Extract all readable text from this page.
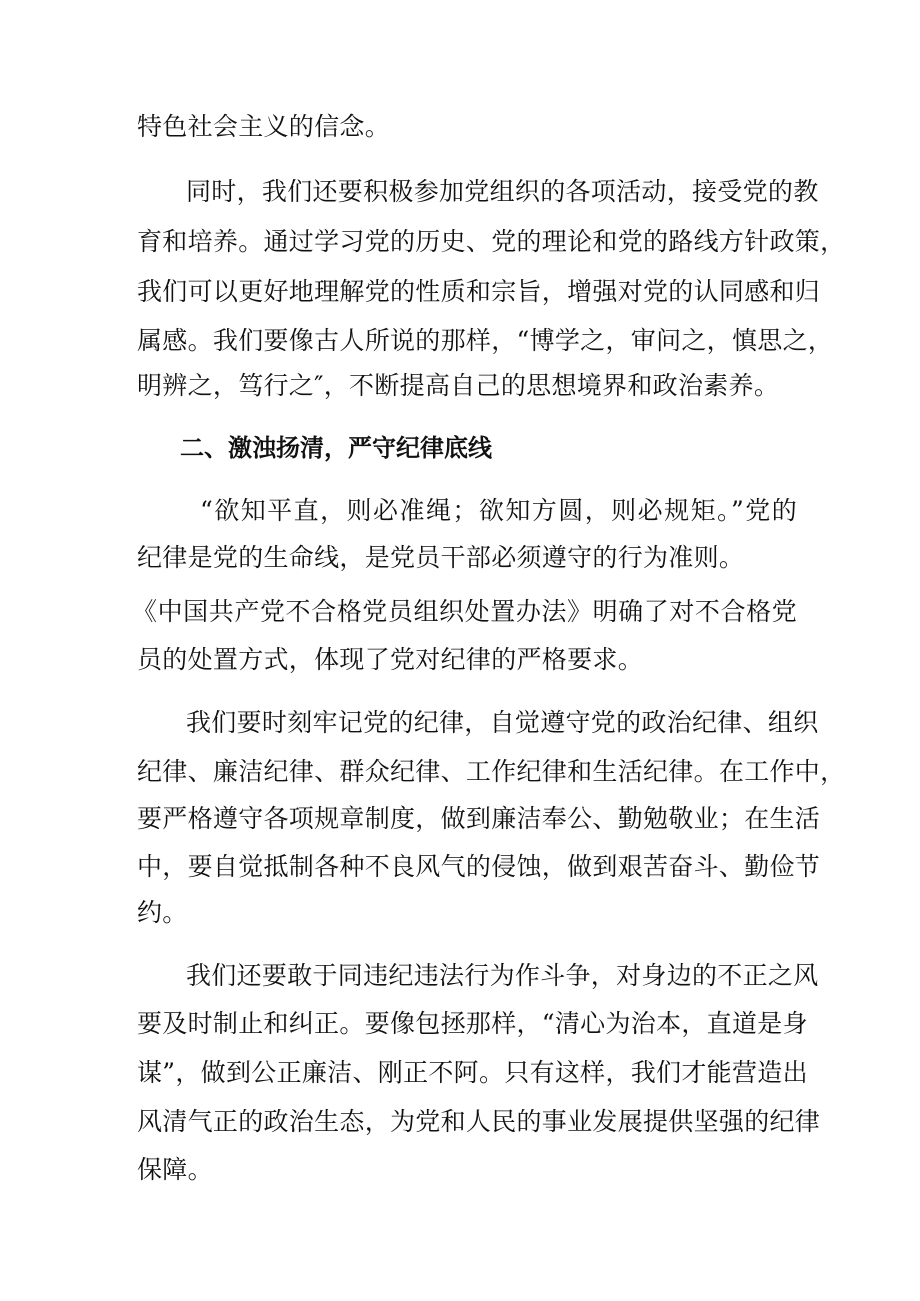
特色社会主义的信念。
同时，我们还要积极参加党组织的各项活动，接受党的教
育和培养。通过学习党的历史、党的理论和党的路线方针政策，
我们可以更好地理解党的性质和宗旨，增强对党的认同感和归
属感。我们要像古人所说的那样，“博学之，审问之，慎思之，
明辨之，笃行之″，不断提高自己的思想境界和政治素养。
二、激浊扬清，严守纪律底线
“欲知平直，则必准绳；欲知方圆，则必规矩。”党的
纪律是党的生命线，是党员干部必须遵守的行为准则。
《中国共产党不合格党员组织处置办法》明确了对不合格党
员的处置方式，体现了党对纪律的严格要求。
我们要时刻牢记党的纪律，自觉遵守党的政治纪律、组织
纪律、廉洁纪律、群众纪律、工作纪律和生活纪律。在工作中，
要严格遵守各项规章制度，做到廉洁奉公、勤勉敬业；在生活
中，要自觉抵制各种不良风气的侵蚀，做到艰苦奋斗、勤俭节
约。
我们还要敢于同违纪违法行为作斗争，对身边的不正之风
要及时制止和纠正。要像包拯那样，“清心为治本，直道是身
谋”，做到公正廉洁、刚正不阿。只有这样，我们才能营造出
风清气正的政治生态，为党和人民的事业发展提供坚强的纪律
保障。
